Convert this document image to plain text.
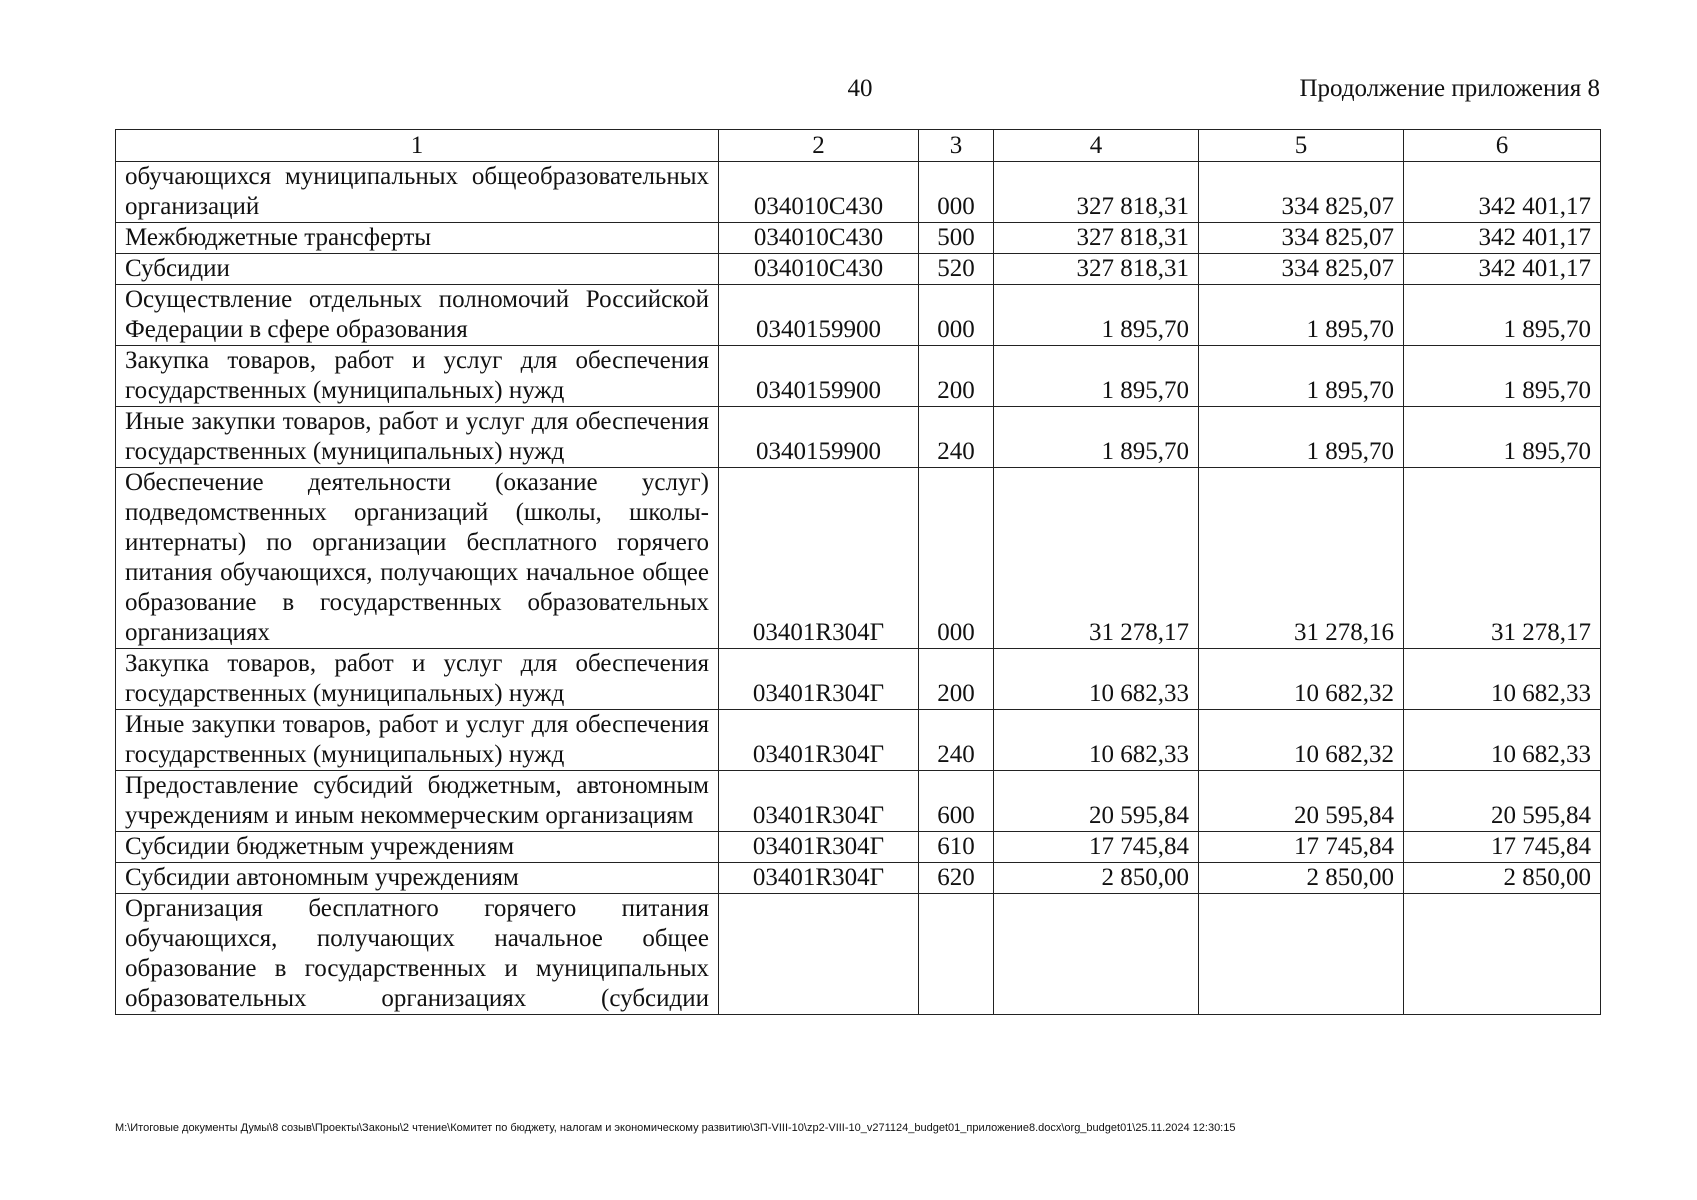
40	Продолжение приложения 8
1	2	3	4	5	6
обучающихся муниципальных общеобразовательных организаций	034010С430	000	327 818,31	334 825,07	342 401,17
Межбюджетные трансферты	034010С430	500	327 818,31	334 825,07	342 401,17
Субсидии	034010С430	520	327 818,31	334 825,07	342 401,17
Осуществление отдельных полномочий Российской Федерации в сфере образования	0340159900	000	1 895,70	1 895,70	1 895,70
Закупка товаров, работ и услуг для обеспечения государственных (муниципальных) нужд	0340159900	200	1 895,70	1 895,70	1 895,70
Иные закупки товаров, работ и услуг для обеспечения государственных (муниципальных) нужд	0340159900	240	1 895,70	1 895,70	1 895,70
Обеспечение деятельности (оказание услуг) подведомственных организаций (школы, школы-интернаты) по организации бесплатного горячего питания обучающихся, получающих начальное общее образование в государственных образовательных организациях	03401R304Г	000	31 278,17	31 278,16	31 278,17
Закупка товаров, работ и услуг для обеспечения государственных (муниципальных) нужд	03401R304Г	200	10 682,33	10 682,32	10 682,33
Иные закупки товаров, работ и услуг для обеспечения государственных (муниципальных) нужд	03401R304Г	240	10 682,33	10 682,32	10 682,33
Предоставление субсидий бюджетным, автономным учреждениям и иным некоммерческим организациям	03401R304Г	600	20 595,84	20 595,84	20 595,84
Субсидии бюджетным учреждениям	03401R304Г	610	17 745,84	17 745,84	17 745,84
Субсидии автономным учреждениям	03401R304Г	620	2 850,00	2 850,00	2 850,00
Организация бесплатного горячего питания обучающихся, получающих начальное общее образование в государственных и муниципальных образовательных организациях (субсидии					
M:\Итоговые документы Думы\8 созыв\Проекты\Законы\2 чтение\Комитет по бюджету, налогам и экономическому развитию\ЗП-VIII-10\zp2-VIII-10_v271124_budget01_приложение8.docx\org_budget01\25.11.2024 12:30:15
